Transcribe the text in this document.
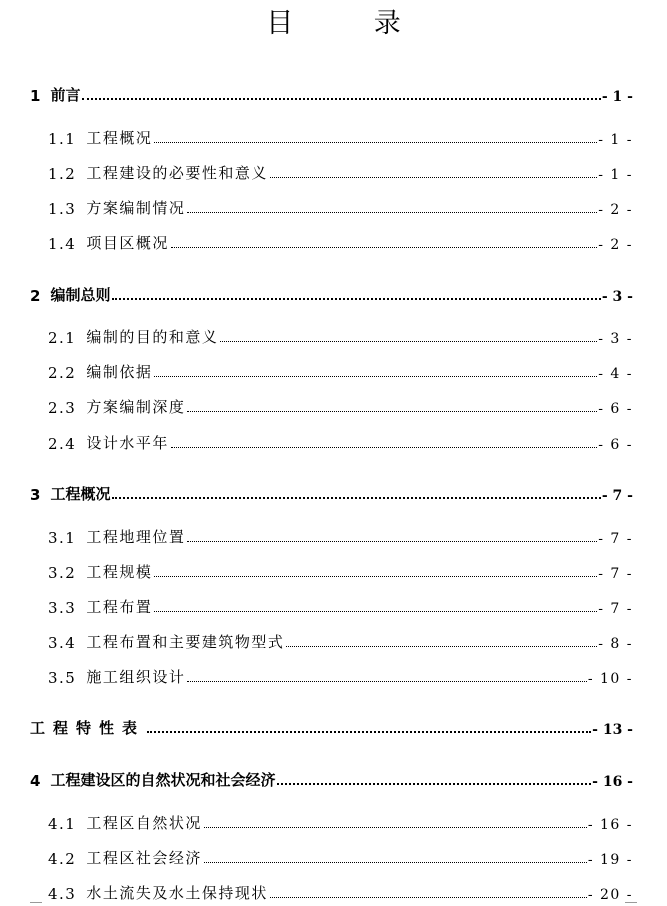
目 录
1 前言	- 1 -
1.1 工程概况	- 1 -
1.2 工程建设的必要性和意义	- 1 -
1.3 方案编制情况	- 2 -
1.4 项目区概况	- 2 -
2 编制总则	- 3 -
2.1 编制的目的和意义	- 3 -
2.2 编制依据	- 4 -
2.3 方案编制深度	- 6 -
2.4 设计水平年	- 6 -
3 工程概况	- 7 -
3.1 工程地理位置	- 7 -
3.2 工程规模	- 7 -
3.3 工程布置	- 7 -
3.4 工程布置和主要建筑物型式	- 8 -
3.5 施工组织设计	- 10 -
工程特性表	- 13 -
4 工程建设区的自然状况和社会经济	- 16 -
4.1 工程区自然状况	- 16 -
4.2 工程区社会经济	- 19 -
4.3 水土流失及水土保持现状	- 20 -
